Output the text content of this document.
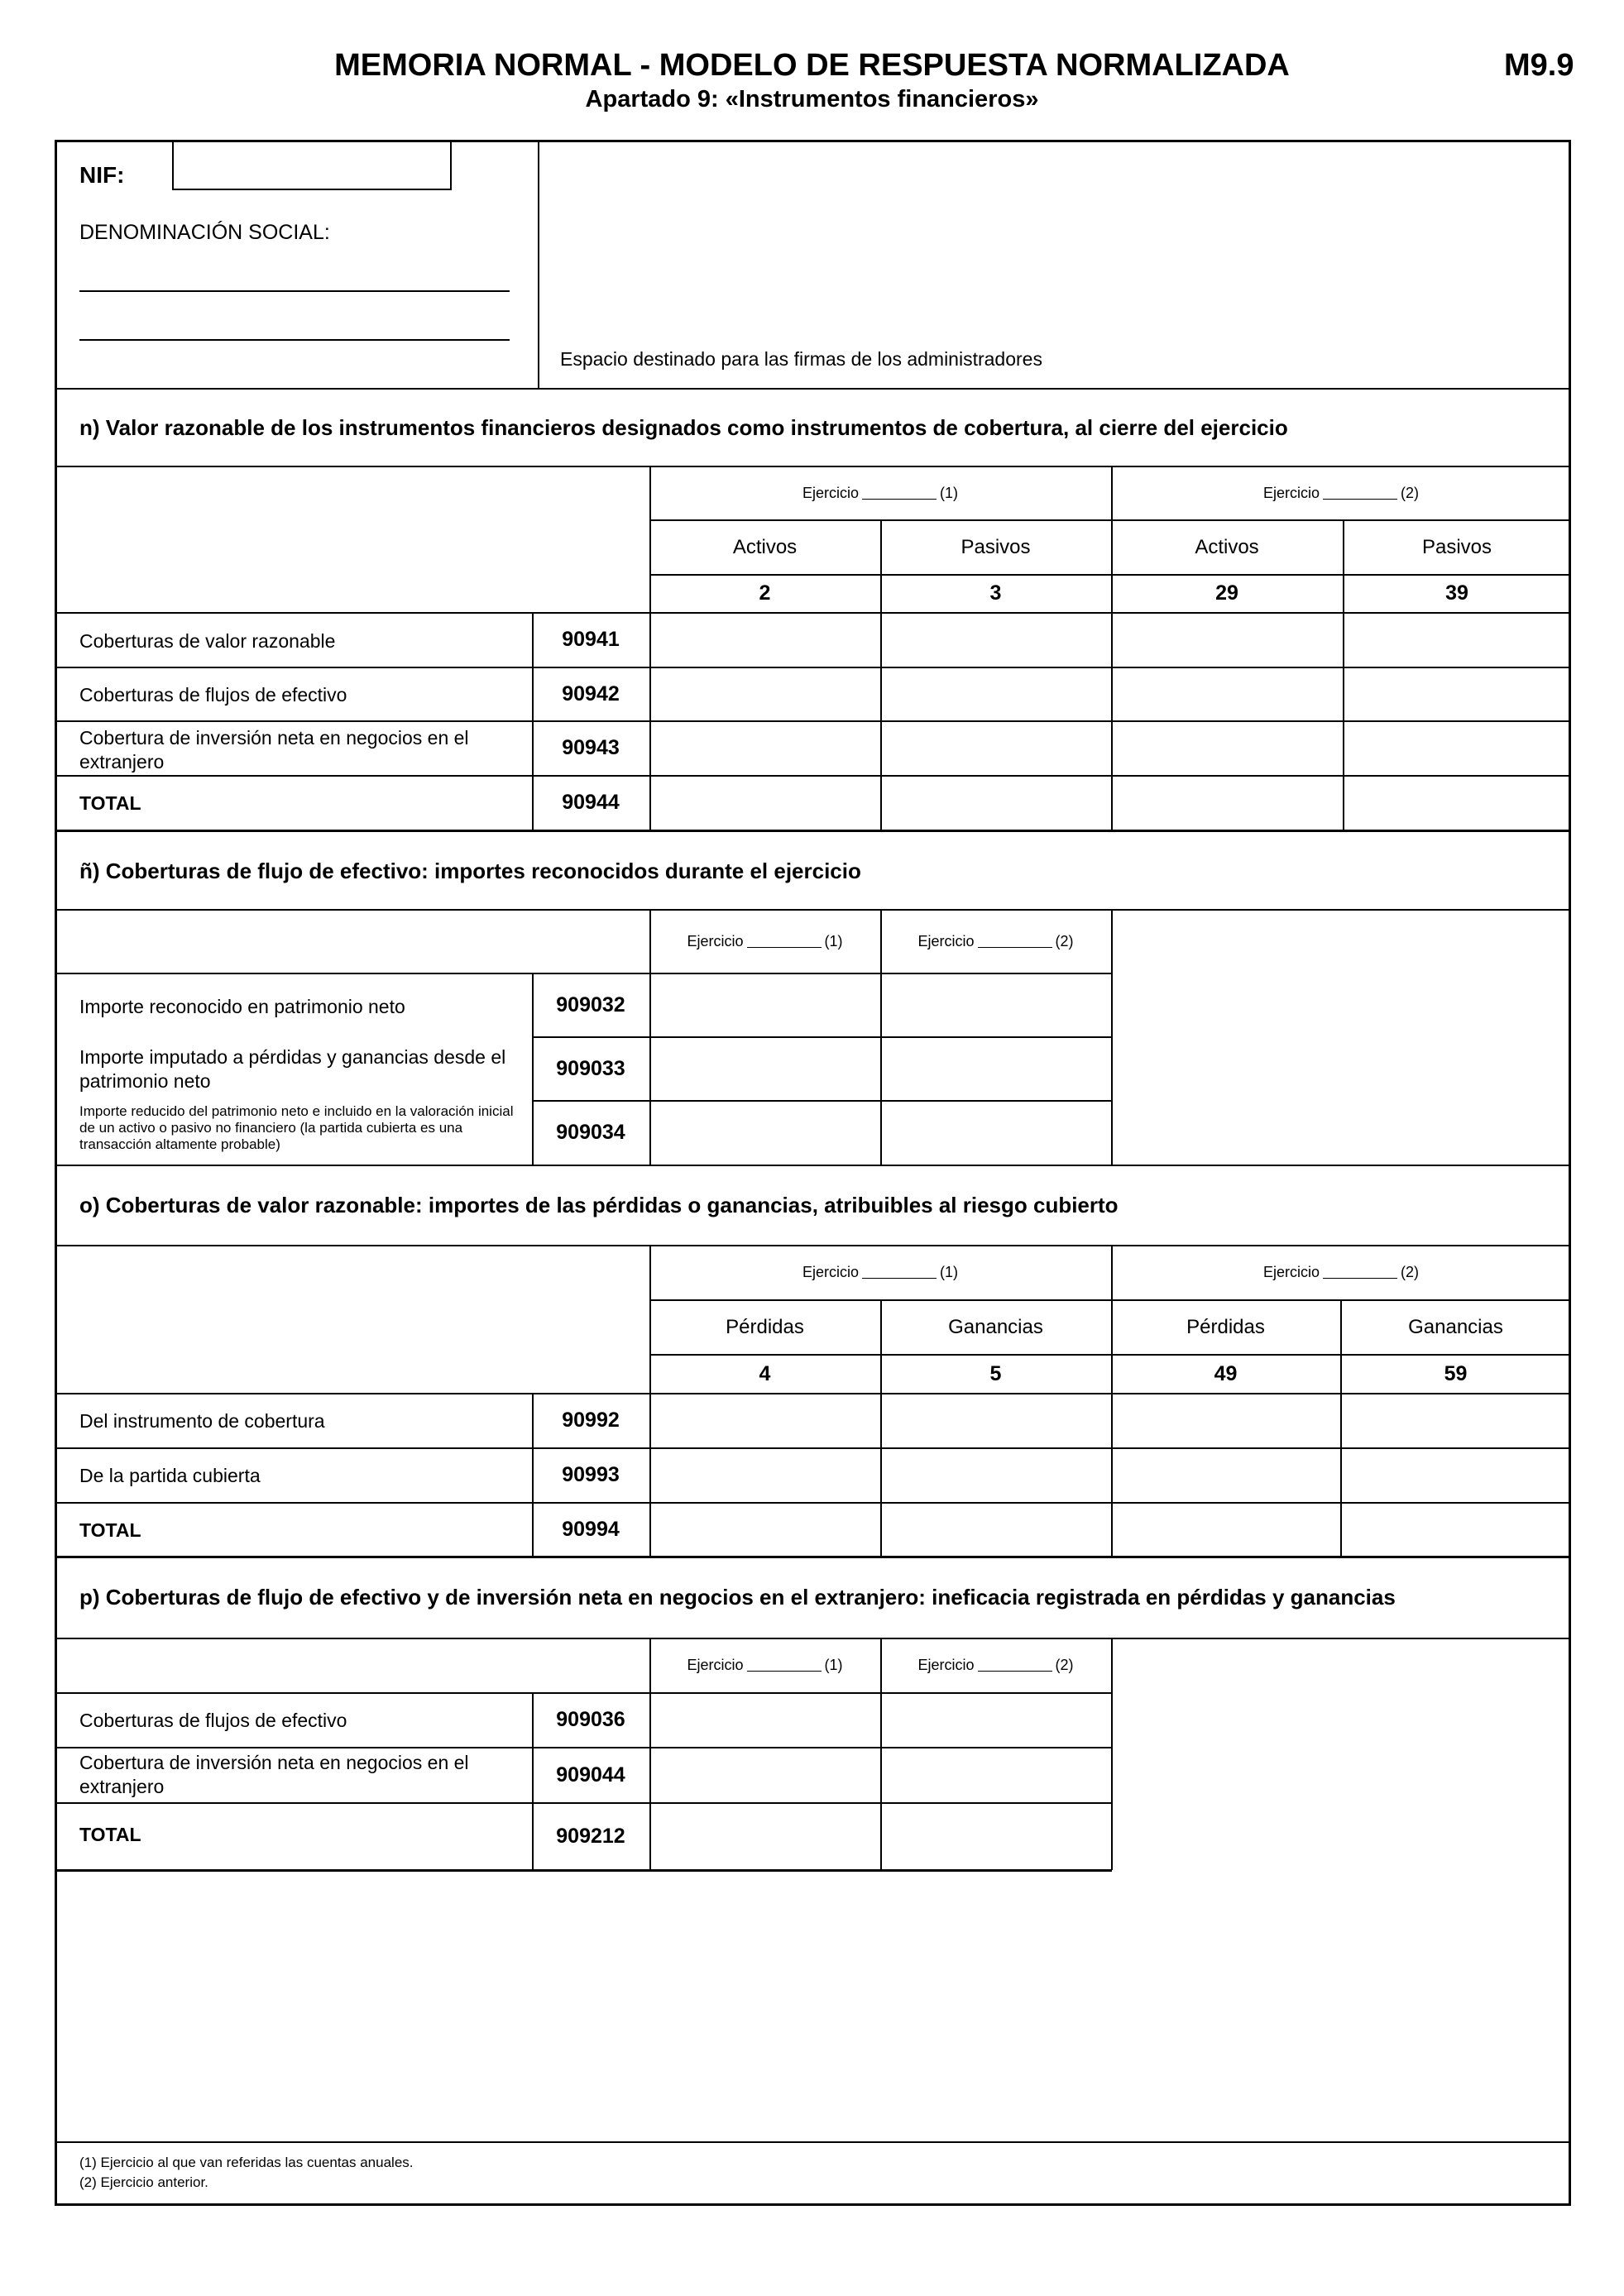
MEMORIA NORMAL - MODELO DE RESPUESTA NORMALIZADA
Apartado 9: «Instrumentos financieros»
M9.9
NIF:
DENOMINACIÓN SOCIAL:
Espacio destinado para las firmas de los administradores
n) Valor razonable de los instrumentos financieros designados como instrumentos de cobertura, al cierre del ejercicio
Ejercicio	(1)	Ejercicio	(2)
Activos	Pasivos	Activos	Pasivos
2	3	29	39
Coberturas de valor razonable	90941
Coberturas de flujos de efectivo	90942
Cobertura de inversión neta en negocios en el extranjero
90943
TOTAL	90944
ñ) Coberturas de flujo de efectivo: importes reconocidos durante el ejercicio
Ejercicio	(1)	Ejercicio	(2)
Importe reconocido en patrimonio neto	909032
Importe imputado a pérdidas y ganancias desde el patrimonio neto
909033
Importe reducido del patrimonio neto e incluido en la valoración inicial de un activo o pasivo no financiero (la partida cubierta es una transacción altamente probable)
909034
o) Coberturas de valor razonable: importes de las pérdidas o ganancias, atribuibles al riesgo cubierto
Ejercicio	(1)	Ejercicio	(2)
Pérdidas	Ganancias	Pérdidas	Ganancias
4	5	49	59
Del instrumento de cobertura	90992
De la partida cubierta	90993
TOTAL	90994
p) Coberturas de flujo de efectivo y de inversión neta en negocios en el extranjero: ineficacia registrada en pérdidas y ganancias
Ejercicio	(1)	Ejercicio	(2)
Coberturas de flujos de efectivo	909036
Cobertura de inversión neta en negocios en el extranjero
909044
TOTAL	909212
(1) Ejercicio al que van referidas las cuentas anuales.
(2) Ejercicio anterior.
